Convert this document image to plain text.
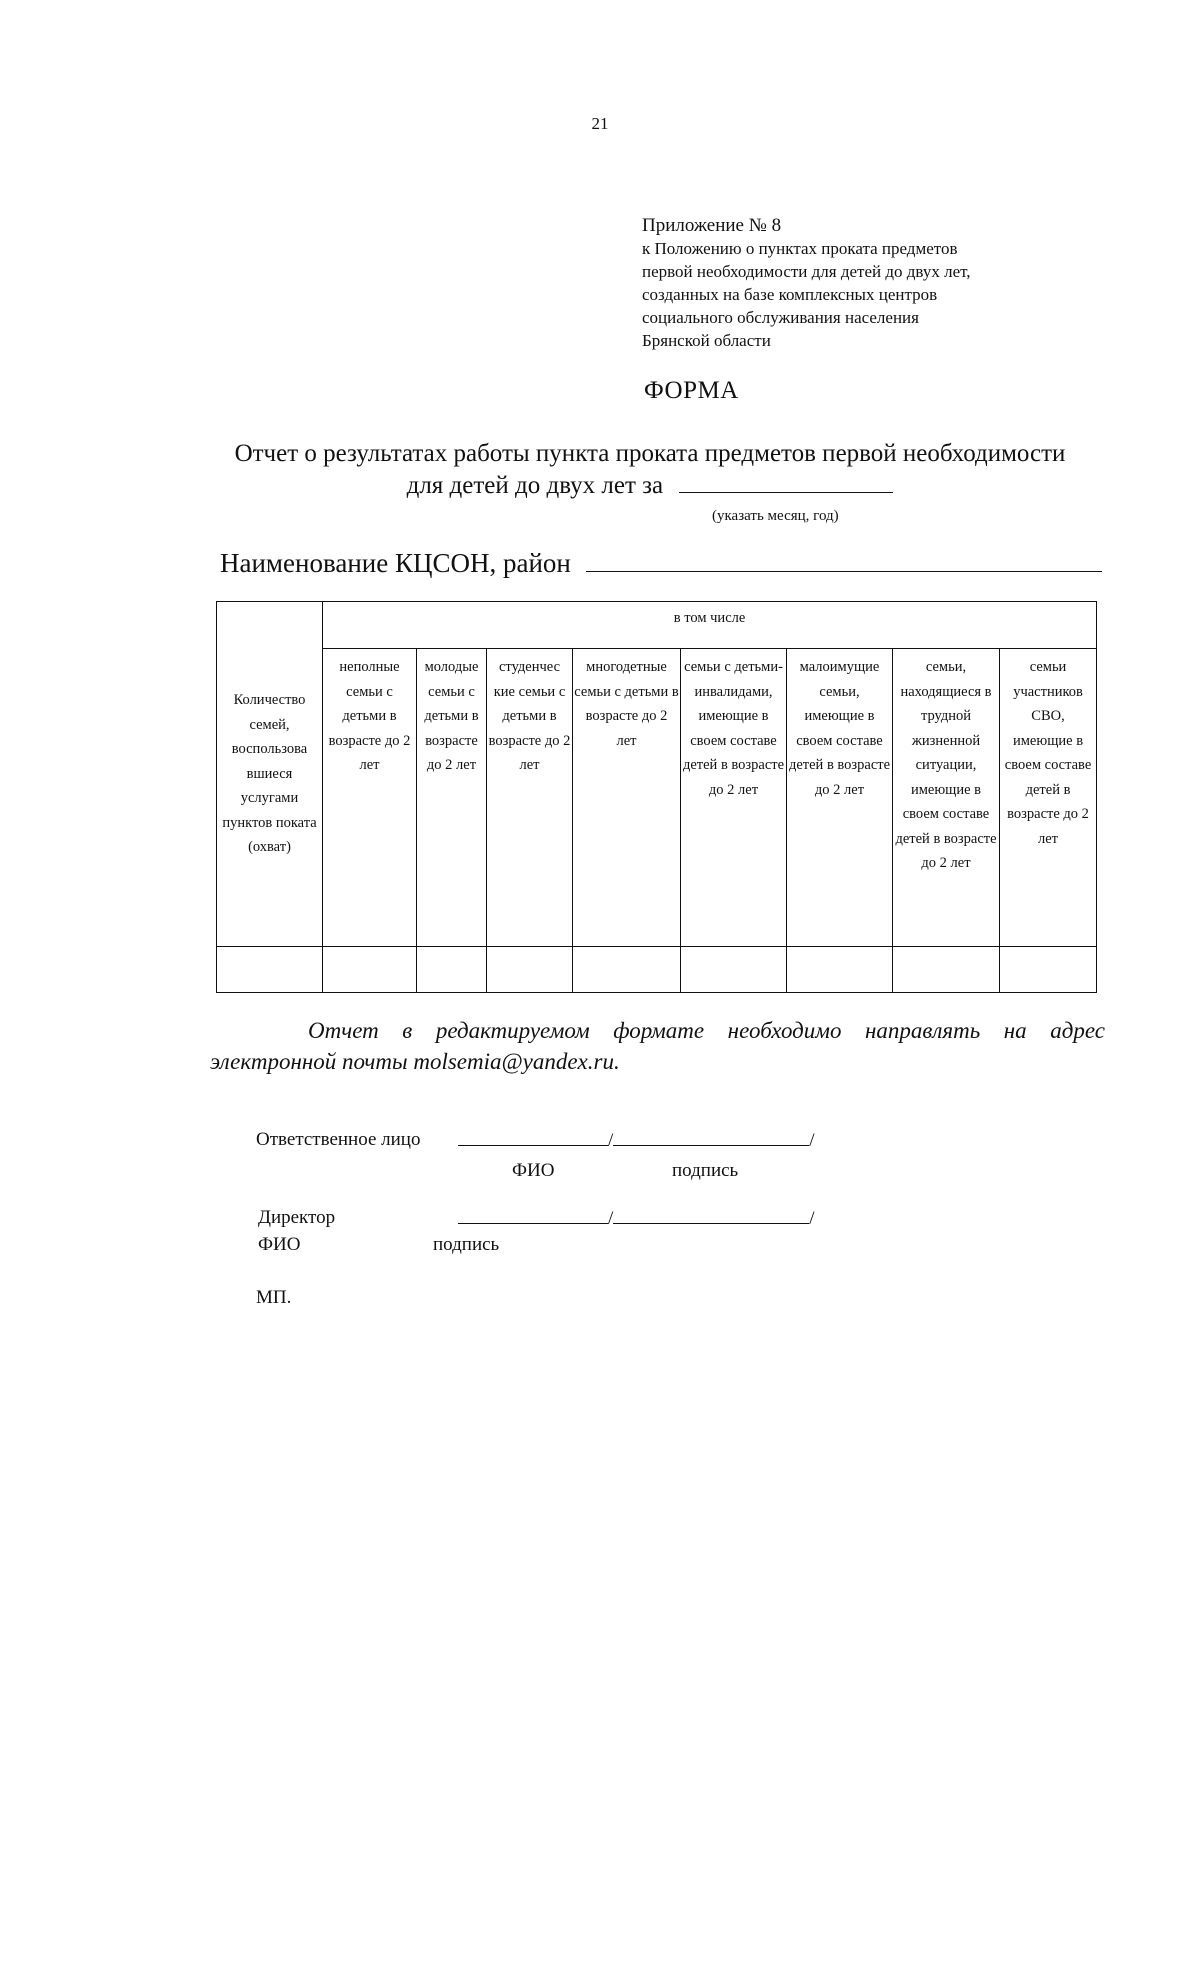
21
Приложение № 8
к Положению о пунктах проката предметов
первой необходимости для детей до двух лет,
созданных на базе комплексных центров
социального обслуживания населения
Брянской области
ФОРМА
Отчет о результатах работы пункта проката предметов первой необходимости
для детей до двух лет за
(указать месяц, год)
Наименование КЦСОН, район
Количество семей, воспользова вшиеся услугами пунктов поката (охват)	в том числе							
	неполные семьи с детьми в возрасте до 2 лет	молодые семьи с детьми в возрасте до 2 лет	студенчес кие семьи с детьми в возрасте до 2 лет	многодетные семьи с детьми в возрасте до 2 лет	семьи с детьми-инвалидами, имеющие в своем составе детей в возрасте до 2 лет	малоимущие семьи, имеющие в своем составе детей в возрасте до 2 лет	семьи, находящиеся в трудной жизненной ситуации, имеющие в своем составе детей в возрасте до 2 лет	семьи участников СВО, имеющие в своем составе детей в возрасте до 2 лет

Отчет в редактируемом формате необходимо направлять на адрес
электронной почты molsemia@yandex.ru.
Ответственное лицо	/	/
ФИО	подпись
Директор	/	/
ФИО	подпись
МП.
